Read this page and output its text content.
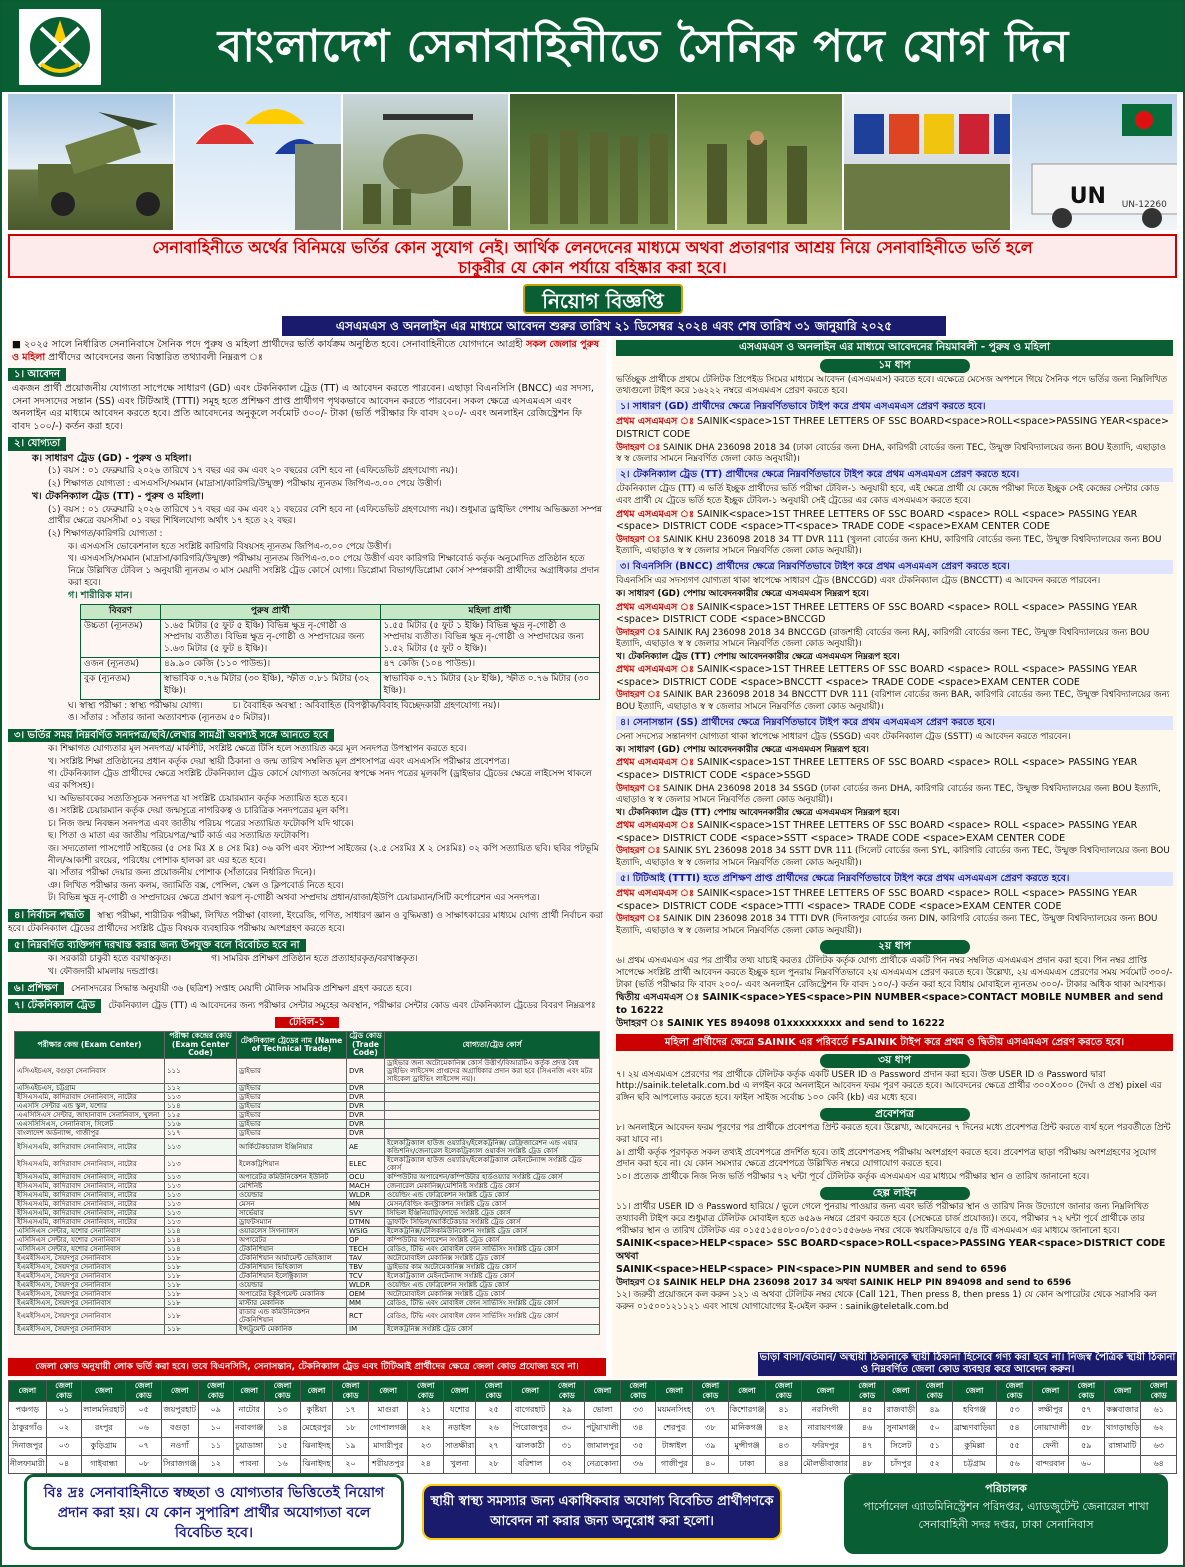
বাংলাদেশ সেনাবাহিনীতে সৈনিক পদে যোগ দিন
UN UN-12260
সেনাবাহিনীতে অর্থের বিনিময়ে ভর্তির কোন সুযোগ নেই। আর্থিক লেনদেনের মাধ্যমে অথবা প্রতারণার আশ্রয় নিয়ে সেনাবাহিনীতে ভর্তি হলে
চাকুরীর যে কোন পর্যায়ে বহিষ্কার করা হবে।
নিয়োগ বিজ্ঞপ্তি
এসএমএস ও অনলাইন এর মাধ্যমে আবেদন শুরুর তারিখ ২১ ডিসেম্বর ২০২৪ এবং শেষ তারিখ ৩১ জানুয়ারি ২০২৫
■ ২০২৫ সালে নির্ধারিত সেনানিবাসে সৈনিক পদে পুরুষ ও মহিলা প্রার্থীদের ভর্তি কার্যক্রম অনুষ্ঠিত হবে। সেনাবাহিনীতে যোগদানে আগ্রহী সকল জেলার পুরুষ ও মহিলা প্রার্থীদের আবেদনের জন্য বিস্তারিত তথ্যাবলী নিম্নরূপ ঃ
১। আবেদন
একজন প্রার্থী প্রয়োজনীয় যোগ্যতা সাপেক্ষে সাধারণ (GD) এবং টেকনিক্যাল ট্রেড (TT) এ আবেদন করতে পারবেন। এছাড়া বিএনসিসি (BNCC) এর সদস্য, সেনা সদস্যদের সন্তান (SS) এবং টিটিআই (TTTI) সমূহ হতে প্রশিক্ষণ প্রাপ্ত প্রার্থীগণ পৃথকভাবে আবেদন করতে পারবেন। সকল ক্ষেত্রে এসএমএস এবং অনলাইন এর মাধ্যমে আবেদন করতে হবে। প্রতি আবেদনের অনুকূলে সর্বমোট ৩০০/- টাকা (ভর্তি পরীক্ষার ফি বাবদ ২০০/- এবং অনলাইন রেজিস্ট্রেশন ফি বাবদ ১০০/-) কর্তন করা হবে।
২। যোগ্যতা
ক। সাধারণ ট্রেড (GD) - পুরুষ ও মহিলা।
(১) বয়স : ০১ ফেব্রুয়ারি ২০২৬ তারিখে ১৭ বছর এর কম এবং ২০ বছরের বেশি হবে না (এফিডেভিট গ্রহণযোগ্য নয়)।
(২) শিক্ষাগত যোগ্যতা : এসএসসি/সমমান (মাদ্রাসা/কারিগরি/উন্মুক্ত) পরীক্ষায় ন্যূনতম জিপিএ-৩.০০ পেয়ে উত্তীর্ণ।
খ। টেকনিক্যাল ট্রেড (TT) - পুরুষ ও মহিলা।
(১) বয়স : ০১ ফেব্রুয়ারি ২০২৬ তারিখে ১৭ বছর এর কম এবং ২১ বছরের বেশি হবে না (এফিডেভিট গ্রহণযোগ্য নয়)। শুধুমাত্র ড্রাইভিং পেশায় অভিজ্ঞতা সম্পন্ন প্রার্থীর ক্ষেত্রে বয়সসীমা ০১ বছর শিথিলযোগ্য অর্থাৎ ১৭ হতে ২২ বছর।
(২) শিক্ষাগত/কারিগরি যোগ্যতা :
ক। এসএসসি ভোকেশনাল হতে সংশ্লিষ্ট কারিগরি বিষয়সহ ন্যূনতম জিপিএ-৩.০০ পেয়ে উত্তীর্ণ।
খ। এসএসসি/সমমান (মাদ্রাসা/কারিগরি/উন্মুক্ত) পরীক্ষায় ন্যূনতম জিপিএ-৩.০০ পেয়ে উত্তীর্ণ এবং কারিগরি শিক্ষাবোর্ড কর্তৃক অনুমোদিত প্রতিষ্ঠান হতে নিম্নে উল্লিখিত টেবিল ১ অনুযায়ী ন্যূনতম ৩ মাস মেয়াদী সংশ্লিষ্ট ট্রেড কোর্সে যোগ্য। ডিপ্লোমা বিভাগ/ডিপ্লোমা কোর্স সম্পন্নকারী প্রার্থীদের অগ্রাধিকার প্রদান করা হবে।
গ। শারীরিক মান।
বিবরণ	পুরুষ প্রার্থী	মহিলা প্রার্থী
উচ্চতা (ন্যূনতম)	১.৬৫ মিটার (৫ ফুট ৫ ইঞ্চি) বিভিন্ন ক্ষুদ্র নৃ-গোষ্ঠী ও সম্প্রদায় ব্যতীত। বিভিন্ন ক্ষুদ্র নৃ-গোষ্ঠী ও সম্প্রদায়ের জন্য ১.৬৩ মিটার (৫ ফুট ৪ ইঞ্চি)।	১.৫৫ মিটার (৫ ফুট ১ ইঞ্চি) বিভিন্ন ক্ষুদ্র নৃ-গোষ্ঠী ও সম্প্রদায় ব্যতীত। বিভিন্ন ক্ষুদ্র নৃ-গোষ্ঠী ও সম্প্রদায়ের জন্য ১.৫২ মিটার (৫ ফুট ০ ইঞ্চি)।
ওজন (ন্যূনতম)	৪৯.৯০ কেজি (১১০ পাউন্ড)।	৪৭ কেজি (১০৪ পাউন্ড)।
বুক (ন্যূনতম)	স্বাভাবিক ০.৭৬ মিটার (৩০ ইঞ্চি), স্ফীত ০.৮১ মিটার (৩২ ইঞ্চি)।	স্বাভাবিক ০.৭১ মিটার (২৮ ইঞ্চি), স্ফীত ০.৭৬ মিটার (৩০ ইঞ্চি)।
ঘ। স্বাস্থ্য পরীক্ষা : স্বাস্থ্য পরীক্ষায় যোগ্য।	চ। বৈবাহিক অবস্থা : অবিবাহিত (বিপত্নীক/বিবাহ বিচ্ছেদকারী গ্রহণযোগ্য নয়)।
ঙ। সাঁতার : সাঁতার জানা অত্যাবশ্যক (ন্যূনতম ৫০ মিটার)।
৩। ভর্তির সময় নিম্নবর্ণিত সনদপত্র/ছবি/লেখার সামগ্রী অবশ্যই সঙ্গে আনতে হবে
ক। শিক্ষাগত যোগ্যতার মূল সনদপত্র/ মার্কশীট, সংশ্লিষ্ট ক্ষেত্রে টিসি হলে সত্যায়িত করে মূল সনদপত্র উপস্থাপন করতে হবে।
খ। সংশ্লিষ্ট শিক্ষা প্রতিষ্ঠানের প্রধান কর্তৃক দেয়া স্থায়ী ঠিকানা ও জন্ম তারিখ সম্বলিত মূল প্রশংসাপত্র এবং এসএসসি পরীক্ষার প্রবেশপত্র।
গ। টেকনিক্যাল ট্রেড প্রার্থীদের ক্ষেত্রে সংশ্লিষ্ট টেকনিক্যাল ট্রেড কোর্সে যোগ্যতা অর্জনের স্বপক্ষে সনদ পত্রের মূলকপি (ড্রাইভার ট্রেডের ক্ষেত্রে লাইসেন্স থাকলে এর কপিসহ)।
ঘ। অভিভাবকের সত্যতিসূচক সনদপত্র যা সংশ্লিষ্ট চেয়ারম্যান কর্তৃক সত্যায়িত হতে হবে।
ঙ। সংশ্লিষ্ট চেয়ারম্যান কর্তৃক দেয়া জন্মসূত্রে নাগরিকত্ব ও চারিত্রিক সনদপত্রের মূল কপি।
চ। নিজ জন্ম নিবন্ধন সনদপত্র এবং জাতীয় পরিচয় পত্রের সত্যায়িত ফটোকপি যদি থাকে।
ছ। পিতা ও মাতা এর জাতীয় পরিচয়পত্র/স্মার্ট কার্ড এর সত্যায়িত ফটোকপি।
জ। সদ্যতোলা পাসপোর্ট সাইজের (৫ সেঃ মিঃ X ৪ সেঃ মিঃ) ০৬ কপি এবং স্ট্যাম্প সাইজের (২.৫ সেঃমিঃ X ২ সেঃমিঃ) ০২ কপি সত্যায়িত ছবি। ছবির পটভূমি নীল/আকাশী রংয়ের, পরিধেয় পোশাক হালকা রং এর হতে হবে।
ঝ। সাঁতার পরীক্ষা দেয়ার জন্য প্রয়োজনীয় পোশাক (সাঁতারের নির্ধারিত দিনে)।
ঞ। লিখিত পরীক্ষার জন্য কলম, জ্যামিতি বক্স, পেন্সিল, স্কেল ও ক্লিপবোর্ড নিতে হবে।
ট। বিভিন্ন ক্ষুদ্র নৃ-গোষ্ঠী ও সম্প্রদায়ের ক্ষেত্রে প্রমাণ স্বরূপ নৃ-গোষ্ঠী অথবা সম্প্রদায় প্রধান/রাজা/ইউপি চেয়ারম্যান/সিটি কর্পোরেশন এর সনদপত্র।
৪। নির্বাচন পদ্ধতি স্বাস্থ্য পরীক্ষা, শারীরিক পরীক্ষা, লিখিত পরীক্ষা (বাংলা, ইংরেজি, গণিত, সাধারণ জ্ঞান ও বুদ্ধিমত্তা) ও সাক্ষাৎকারের মাধ্যমে যোগ্য প্রার্থী নির্বাচন করা হবে। টেকনিক্যাল ট্রেডের প্রার্থীদের সংশ্লিষ্ট ট্রেড বিষয়ক ব্যবহারিক পরীক্ষায় অংশগ্রহণ করতে হবে।
৫। নিম্নবর্ণিত ব্যক্তিগণ দরখাস্ত করার জন্য উপযুক্ত বলে বিবেচিত হবে না
ক। সরকারী চাকুরী হতে বরখাস্তকৃত।	গ। সামরিক প্রশিক্ষণ প্রতিষ্ঠান হতে প্রত্যাহারকৃত/বরখাস্তকৃত।
খ। ফৌজদারী মামলায় দন্ডপ্রাপ্ত।
৬। প্রশিক্ষণ সেনাসদরের সিদ্ধান্ত অনুযায়ী ৩৬ (ছত্রিশ) সপ্তাহ মেয়াদী মৌলিক সামরিক প্রশিক্ষণ গ্রহণ করতে হবে।
৭। টেকনিক্যাল ট্রেড টেকনিক্যাল ট্রেড (TT) এ আবেদনের জন্য পরীক্ষার সেন্টার সমূহের অবস্থান, পরীক্ষার সেন্টার কোড এবং টেকনিক্যাল ট্রেডের বিবরণ নিম্নরূপঃ
টেবিল-১
পরীক্ষার কেন্দ্র (Exam Center)	পরীক্ষা কেন্দ্রের কোড (Exam Center Code)	টেকনিক্যাল ট্রেডের নাম (Name of Technical Trade)	ট্রেড কোড (Trade Code)	যোগ্যতা/ট্রেড কোর্স
এসিএইচএস, বগুড়া সেনানিবাস	১১১	ড্রাইভার	DVR	ড্রাইভার জন্য অটোমেকানিক্স কোর্স উত্তীর্ণ/বিআরটিএ কর্তৃক প্রদত্ত বৈধ ড্রাইভিং লাইসেন্স প্রাপ্তদের অগ্রাধিকার প্রদান করা হবে (সিএনজি এবং মটর সাইকেল ড্রাইভিং লাইসেন্স নয়)।
এসিএইচএস, চট্টগ্রাম	১১২	ড্রাইভার	DVR	
ইসিএসএমি, কাদিরাবাদ সেনানিবাস, নাটোর	১১৩	ড্রাইভার	DVR	
এএসসি সেন্টার এন্ড স্কুল, যশোর	১১৪	ড্রাইভার	DVR	
এএসিসিএস সেন্টার, জাহানাবাদ সেনানিবাস, খুলনা	১১৫	ড্রাইভার	DVR	
এএসসিসিএস, সেনানিবাস, সিলেট	১১৬	ড্রাইভার	DVR	
বাংলাদেশ অর্ডন্যান্স, গাজীপুর	১১৭	ড্রাইভার	DVR	
ইসিএসএমি, কাদিরাবাদ সেনানিবাস, নাটোর	১১৩	আর্কিটেকচারাল ইঞ্জিনিয়ার	AE	ইলেকট্রিক্যাল হাউজ ওয়্যারিং/ইলেকট্রনিক্স/ রেফ্রিজারেশন এন্ড এয়ার কন্ডিশনিং/জেনারেল ইলেকট্রিক্যাল ওয়ার্কস সংশ্লিষ্ট ট্রেড কোর্স
ইসিএসএমি, কাদিরাবাদ সেনানিবাস, নাটোর	১১৩	ইলেকট্রিশিয়ান	ELEC	ইলেকট্রিক্যাল হাউজ ওয়্যারিং/ইলেকট্রিক্যাল মেইনটেন্যান্স সংশ্লিষ্ট ট্রেড কোর্স
ইসিএসএমি, কাদিরাবাদ সেনানিবাস, নাটোর	১১৩	অপারেটর কমিউনিকেশন ইউনিট	OCU	কম্পিউটার অপারেশন/কম্পিউটার হার্ডওয়্যার সংশ্লিষ্ট ট্রেড কোর্স
ইসিএসএমি, কাদিরাবাদ সেনানিবাস, নাটোর	১১৩	মেশিনিষ্ট	MACH	জেনারেল মেকানিক্স/মেশিনিষ্ট সংশ্লিষ্ট ট্রেড কোর্স
ইসিএসএমি, কাদিরাবাদ সেনানিবাস, নাটোর	১১৩	ওয়েল্ডার	WLDR	ওয়েল্ডিং এন্ড ফেব্রিকেশন সংশ্লিষ্ট ট্রেড কোর্স
ইসিএসএমি, কাদিরাবাদ সেনানিবাস, নাটোর	১১৩	মেসন	MN	মেসন/বিল্ডিং কনস্ট্রাকশন সংশ্লিষ্ট ট্রেড কোর্স
ইসিএসএমি, কাদিরাবাদ সেনানিবাস, নাটোর	১১৩	সার্ভেয়ার	SVY	সিভিল ইঞ্জিনিয়ারিং/সার্ভে সংশ্লিষ্ট ট্রেড কোর্স
ইসিএসএমি, কাদিরাবাদ সেনানিবাস, নাটোর	১১৩	ড্রাফটসম্যান	DTMN	ড্রাফটিং সিভিল/আর্কিটেকচার সংশ্লিষ্ট ট্রেড কোর্স
এসিসিএস সেন্টার, যশোর সেনানিবাস	১১৪	ওয়ারলেস সিগন্যালস	WSIG	ইলেকট্রনিক্স/টেলিকমিউনিকেশন সংশ্লিষ্ট ট্রেড কোর্স
এসিসিএস সেন্টার, যশোর সেনানিবাস	১১৪	অপারেটর	OP	কম্পিউটার অপারেশন সংশ্লিষ্ট ট্রেড কোর্স
এসিসিএস সেন্টার, যশোর সেনানিবাস	১১৪	টেকনিশিয়ান	TECH	রেডিও, টিভি এবং মোবাইল ফোন সার্ভিসিং সংশ্লিষ্ট ট্রেড কোর্স
ইএমইসিএস, সৈয়দপুর সেনানিবাস	১১৮	টেকনিশিয়ান আর্মামেন্ট ভেহিক্যাল	TAV	অটোমোবাইল মেকানিক্স সংশ্লিষ্ট ট্রেড কোর্স
ইএমইসিএস, সৈয়দপুর সেনানিবাস	১১৮	টেকনিশিয়ান ভিহিক্যাল	TBV	ড্রাইভার কাম অটোমেকানিক্স সংশ্লিষ্ট ট্রেড কোর্স
ইএমইসিএস, সৈয়দপুর সেনানিবাস	১১৮	টেকনিশিয়ান ইলেক্ট্রিক্যাল	TCV	ইলেকট্রিক্যাল মেইনটেন্যান্স সংশ্লিষ্ট ট্রেড কোর্স
ইএমইসিএস, সৈয়দপুর সেনানিবাস	১১৮	ওয়েল্ডার	WLDR	ওয়েল্ডিং এন্ড ফেব্রিকেশন সংশ্লিষ্ট ট্রেড কোর্স
ইএমইসিএস, সৈয়দপুর সেনানিবাস	১১৮	অপারেটর ইকুইপমেন্ট মেকানিক	OEM	অটোমোবাইল মেকানিক্স সংশ্লিষ্ট ট্রেড কোর্স
ইএমইসিএস, সৈয়দপুর সেনানিবাস	১১৮	মাস্টার মেকানিক	MM	রেডিও, টিভি এবং মোবাইল ফোন সার্ভিসিং সংশ্লিষ্ট ট্রেড কোর্স
ইএমইসিএস, সৈয়দপুর সেনানিবাস	১১৮	রাডার এন্ড কমিউনিকেশন টেকনিশিয়ান	RCT	রেডিও, টিভি এবং মোবাইল ফোন সার্ভিসিং সংশ্লিষ্ট ট্রেড কোর্স
ইএমইসিএস, সৈয়দপুর সেনানিবাস	১১৮	ইন্সট্রুমেন্ট মেকানিক	IM	ইলেকট্রনিক্স সংশ্লিষ্ট ট্রেড কোর্স
এসএমএস ও অনলাইন এর মাধ্যমে আবেদনের নিয়মাবলী - পুরুষ ও মহিলা
১ম ধাপ
ভর্তিচ্ছুক প্রার্থীকে প্রথমে টেলিটক প্রিপেইড সিমের মাধ্যমে আবেদন (এসএমএস) করতে হবে। এক্ষেত্রে মেসেজ অপশনে গিয়ে সৈনিক পদে ভর্তির জন্য নিম্নলিখিত তথ্যগুলো টাইপ করে ১৬২২২ নম্বরে এসএমএস প্রেরণ করতে হবে।
১। সাধারণ (GD) প্রার্থীদের ক্ষেত্রে নিম্নবর্ণিতভাবে টাইপ করে প্রথম এসএমএস প্রেরণ করতে হবে।
প্রথম এসএমএস ঃ SAINIK<space>1ST THREE LETTERS OF SSC BOARD<space>ROLL<space>PASSING YEAR<space> DISTRICT CODE
উদাহরণ ঃ SAINIK DHA 236098 2018 34 (ঢাকা বোর্ডের জন্য DHA, কারিগরী বোর্ডের জন্য TEC, উন্মুক্ত বিশ্ববিদ্যালয়ের জন্য BOU ইত্যাদি, এছাড়াও স্ব স্ব জেলার সামনে নিম্নবর্ণিত জেলা কোড অনুযায়ী)।
২। টেকনিক্যাল ট্রেড (TT) প্রার্থীদের ক্ষেত্রে নিম্নবর্ণিতভাবে টাইপ করে প্রথম এসএমএস প্রেরণ করতে হবে।
টেকনিক্যাল ট্রেড (TT) এ ভর্তি ইচ্ছুক প্রার্থীদের ভর্তি পরীক্ষা টেবিল-১ অনুযায়ী হবে, এই ক্ষেত্রে প্রার্থী যে কেন্দ্রে পরীক্ষা দিতে ইচ্ছুক সেই কেন্দ্রের সেন্টার কোড এবং প্রার্থী যে ট্রেডে ভর্তি হতে ইচ্ছুক টেবিল-১ অনুযায়ী সেই ট্রেডের এর কোড এসএমএস করতে হবে।
প্রথম এসএমএস ঃ SAINIK<space>1ST THREE LETTERS OF SSC BOARD <space> ROLL <space> PASSING YEAR <space> DISTRICT CODE <space>TT<space> TRADE CODE <space>EXAM CENTER CODE
উদাহরণ ঃ SAINIK KHU 236098 2018 34 TT DVR 111 (খুলনা বোর্ডের জন্য KHU, কারিগরি বোর্ডের জন্য TEC, উন্মুক্ত বিশ্ববিদ্যালয়ের জন্য BOU ইত্যাদি, এছাড়াও স্ব স্ব জেলার সামনে নিম্নবর্ণিত জেলা কোড অনুযায়ী)।
৩। বিএনসিসি (BNCC) প্রার্থীদের ক্ষেত্রে নিম্নবর্ণিতভাবে টাইপ করে প্রথম এসএমএস প্রেরণ করতে হবে।
বিএনসিসি এর সদস্যগণ যোগ্যতা থাকা স্বাপেক্ষে সাধারণ ট্রেড (BNCCGD) এবং টেকনিক্যাল ট্রেড (BNCCTT) এ আবেদন করতে পারবেন।
ক। সাধারণ (GD) পেশায় আবেদনকারীর ক্ষেত্রে এসএমএস নিম্নরূপ হবে।
প্রথম এসএমএস ঃ SAINIK<space>1ST THREE LETTERS OF SSC BOARD <space> ROLL <space> PASSING YEAR <space> DISTRICT CODE <space>BNCCGD
উদাহরণ ঃ SAINIK RAJ 236098 2018 34 BNCCGD (রাজশাহী বোর্ডের জন্য RAJ, কারিগরী বোর্ডের জন্য TEC, উন্মুক্ত বিশ্ববিদ্যালয়ের জন্য BOU ইত্যাদি, এছাড়াও স্ব স্ব জেলার সামনে নিম্নবর্ণিত জেলা কোড অনুযায়ী)।
খ। টেকনিক্যাল ট্রেড (TT) পেশায় আবেদনকারীর ক্ষেত্রে এসএমএস নিম্নরূপ হবে।
প্রথম এসএমএস ঃ SAINIK<space>1ST THREE LETTERS OF SSC BOARD <space> ROLL <space> PASSING YEAR <space> DISTRICT CODE <space>BNCCTT <space> TRADE CODE <space>EXAM CENTER CODE
উদাহরণ ঃ SAINIK BAR 236098 2018 34 BNCCTT DVR 111 (বরিশাল বোর্ডের জন্য BAR, কারিগরি বোর্ডের জন্য TEC, উন্মুক্ত বিশ্ববিদ্যালয়ের জন্য BOU ইত্যাদি, এছাড়াও স্ব স্ব জেলার সামনে নিম্নবর্ণিত জেলা কোড অনুযায়ী)।
৪। সেনাসন্তান (SS) প্রার্থীদের ক্ষেত্রে নিম্নবর্ণিতভাবে টাইপ করে প্রথম এসএমএস প্রেরণ করতে হবে।
সেনা সদস্যের সন্তানগণ যোগ্যতা থাকা স্বাপেক্ষে সাধারণ ট্রেড (SSGD) এবং টেকনিক্যাল ট্রেড (SSTT) এ আবেদন করতে পারবেন।
ক। সাধারণ (GD) পেশায় আবেদনকারীর ক্ষেত্রে এসএমএস নিম্নরূপ হবে।
প্রথম এসএমএস ঃ SAINIK<space>1ST THREE LETTERS OF SSC BOARD <space> ROLL <space> PASSING YEAR <space> DISTRICT CODE <space>SSGD
উদাহরণ ঃ SAINIK DHA 236098 2018 34 SSGD (ঢাকা বোর্ডের জন্য DHA, কারিগরি বোর্ডের জন্য TEC, উন্মুক্ত বিশ্ববিদ্যালয়ের জন্য BOU ইত্যাদি, এছাড়াও স্ব স্ব জেলার সামনে নিম্নবর্ণিত জেলা কোড অনুযায়ী)।
খ। টেকনিক্যাল ট্রেড (TT) পেশায় আবেদনকারীর ক্ষেত্রে এসএমএস নিম্নরূপ হবে।
প্রথম এসএমএস ঃ SAINIK<space>1ST THREE LETTERS OF SSC BOARD <space> ROLL <space> PASSING YEAR <space> DISTRICT CODE <space>SSTT <space> TRADE CODE <space>EXAM CENTER CODE
উদাহরণ ঃ SAINIK SYL 236098 2018 34 SSTT DVR 111 (সিলেট বোর্ডের জন্য SYL, কারিগরি বোর্ডের জন্য TEC, উন্মুক্ত বিশ্ববিদ্যালয়ের জন্য BOU ইত্যাদি, এছাড়াও স্ব স্ব জেলার সামনে নিম্নবর্ণিত জেলা কোড অনুযায়ী)।
৫। টিটিআই (TTTI) হতে প্রশিক্ষণ প্রাপ্ত প্রার্থীদের ক্ষেত্রে নিম্নবর্ণিতভাবে টাইপ করে প্রথম এসএমএস প্রেরণ করতে হবে।
প্রথম এসএমএস ঃ SAINIK<space>1ST THREE LETTERS OF SSC BOARD <space> ROLL <space> PASSING YEAR <space> DISTRICT CODE <space>TTTI <space> TRADE CODE <space>EXAM CENTER CODE
উদাহরণ ঃ SAINIK DIN 236098 2018 34 TTTI DVR (দিনাজপুর বোর্ডের জন্য DIN, কারিগরি বোর্ডের জন্য TEC, উন্মুক্ত বিশ্ববিদ্যালয়ের জন্য BOU ইত্যাদি, এছাড়াও স্ব স্ব জেলার সামনে নিম্নবর্ণিত জেলা কোড অনুযায়ী)।
২য় ধাপ
৬। প্রথম এসএমএস এর পর প্রার্থীর তথ্য যাচাই করতঃ টেলিটক কর্তৃক যোগ্য প্রার্থীকে একটি পিন নম্বর সম্বলিত এসএমএস প্রদান করা হবে। পিন নম্বর প্রাপ্তি সাপেক্ষে সংশ্লিষ্ট প্রার্থী আবেদন করতে ইচ্ছুক হলে পুনরায় নিম্নবর্ণিতভাবে ২য় এসএমএস প্রেরণ করতে হবে। উল্লেখ্য, ২য় এসএমএস প্রেরণের সময় সর্বমোট ৩০০/- টাকা (ভর্তি পরীক্ষার ফি বাবদ ২০০/- এবং অনলাইন রেজিস্ট্রেশন ফি বাবদ ১০০/-) কর্তন করা হবে বিধায় মোবাইলে ন্যূনতম ৩০০/- টাকার অধিক থাকা আবশ্যক।
দ্বিতীয় এসএমএস ঃ SAINIK<space>YES<space>PIN NUMBER<space>CONTACT MOBILE NUMBER and send to 16222
উদাহরণ ঃ SAINIK YES 894098 01xxxxxxxxx and send to 16222
মহিলা প্রার্থীদের ক্ষেত্রে SAINIK এর পরিবর্তে FSAINIK টাইপ করে প্রথম ও দ্বিতীয় এসএমএস প্রেরণ করতে হবে।
৩য় ধাপ
৭। ২য় এসএমএস প্রেরণের পর প্রার্থীকে টেলিটক কর্তৃক একটি USER ID ও Password প্রদান করা হবে। উক্ত USER ID ও Password দ্বারা http://sainik.teletalk.com.bd এ লগইন করে অনলাইনে আবেদন ফরম পূরণ করতে হবে। আবেদনের ক্ষেত্রে প্রার্থীর ৩০০X৩০০ (দৈর্ঘ্য ও প্রস্থ) pixel এর রঙ্গিন ছবি আপলোড করতে হবে। ফাইল সাইজ সর্বোচ্চ ১০০ কেবি (kb) এর মধ্যে হবে।
প্রবেশপত্র
৮। অনলাইনে আবেদন ফরম পূরণের পর প্রার্থীকে প্রবেশপত্র প্রিন্ট করতে হবে। উল্লেখ্য, আবেদনের ৭ দিনের মধ্যে প্রবেশপত্র প্রিন্ট করতে ব্যর্থ হলে পরবর্তীতে প্রিন্ট করা যাবে না।
৯। প্রার্থী কর্তৃক পূরণকৃত সকল তথ্যই প্রবেশপত্রে প্রদর্শিত হবে। তাই প্রবেশপত্রসহ পরীক্ষায় অংশগ্রহণ করতে হবে। প্রবেশপত্র ছাড়া পরীক্ষায় অংশগ্রহণের সুযোগ প্রদান করা হবে না। যে কোন সমস্যার ক্ষেত্রে প্রবেশপত্রে উল্লিখিত নম্বরে যোগাযোগ করতে হবে।
১০। প্রত্যেক প্রার্থীকে নিজ নিজ ভর্তি পরীক্ষার ৭২ ঘন্টা পূর্বে টেলিটক কর্তৃক এসএমএস এর মাধ্যমে পরীক্ষার স্থান ও তারিখ জানানো হবে।
হেল্প লাইন
১১। প্রার্থীর USER ID ও Password হারিয়ে / ভুলে গেলে পুনরায় পাওয়ার জন্য এবং ভর্তি পরীক্ষার স্থান ও তারিখ নিজ উদ্যোগে জানার জন্য নিম্নলিখিত তথ্যাবলী টাইপ করে শুধুমাত্র টেলিটক মোবাইল হতে ৬৫৯৬ নম্বরে প্রেরণ করতে হবে (সেক্ষেত্রে চার্জ প্রযোজ্য)। তবে, পরীক্ষার ৭২ ঘন্টা পূর্বে প্রার্থীকে তার পরীক্ষার স্থান ও তারিখ টেলিটক এর ০১৫৫১৫৪০৮০০/০১৫৫০১৫৫৬৬৬ নম্বর থেকে স্বয়ংক্রিয়ভাবে ৫/৪ টি এসএমএস এর মাধ্যমে জানানো হবে।
SAINIK<space>HELP<space> SSC BOARD<space>ROLL<space>PASSING YEAR<space>DISTRICT CODE অথবা
SAINIK<space>HELP<space> PIN<space>PIN NUMBER and send to 6596
উদাহরণ ঃ SAINIK HELP DHA 236098 2017 34 অথবা SAINIK HELP PIN 894098 and send to 6596
১২। জরুরী প্রয়োজনে কল করুন ১২১ এ অথবা টেলিটক নম্বর থেকে (Call 121, Then press 8, then press 1) যে কোন অপারেটর থেকে সরাসরি কল করুন ০১৫০০১২১১২১ এবং সাথে যোগাযোগের ই-মেইল করুন : sainik@teletalk.com.bd
জেলা কোড অনুযায়ী লোক ভর্তি করা হবে। তবে বিএনসিসি, সেনাসন্তান, টেকনিক্যাল ট্রেড এবং টিটিআই প্রার্থীদের ক্ষেত্রে জেলা কোড প্রযোজ্য হবে না।
ভাড়া বাসা/বর্তমান/ অস্থায়ী ঠিকানাকে স্থায়ী ঠিকানা হিসেবে গণ্য করা হবে না। নিজস্ব পৈত্রিক স্থায়ী ঠিকানা ও নিম্নবর্ণিত জেলা কোড ব্যবহার করে আবেদন করুন।
জেলা	জেলা কোড	জেলা	জেলা কোড	জেলা	জেলা কোড	জেলা	জেলা কোড	জেলা	জেলা কোড	জেলা	জেলা কোড	জেলা	জেলা কোড	জেলা	জেলা কোড	জেলা	জেলা কোড	জেলা	জেলা কোড	জেলা	জেলা কোড	জেলা	জেলা কোড	জেলা	জেলা কোড	জেলা	জেলা কোড	জেলা	জেলা কোড	জেলা	জেলা কোড
পঞ্চগড়	০১	লালমনিরহাট	০৫	জয়পুরহাট	০৯	নাটোর	১৩	কুষ্টিয়া	১৭	মাগুরা	২১	যশোর	২৫	বাগেরহাট	২৯	ভোলা	৩৩	ময়মনসিংহ	৩৭	কিশোরগঞ্জ	৪১	নরসিংদী	৪৫	রাজবাড়ী	৪৯	হবিগঞ্জ	৫৩	লক্ষীপুর	৫৭	কক্সবাজার	৬১
ঠাকুরগাঁও	০২	রংপুর	০৬	বগুড়া	১০	নবাবগঞ্জ	১৪	মেহেরপুর	১৮	গোপালগঞ্জ	২২	নড়াইল	২৬	পিরোজপুর	৩০	পটুয়াখালী	৩৪	শেরপুর	৩৮	মানিকগঞ্জ	৪২	নারায়ণগঞ্জ	৪৬	সুনামগঞ্জ	৫০	ব্রাহ্মণবাড়িয়া	৫৪	নোয়াখালী	৫৮	খাগড়াছড়ি	৬২
দিনাজপুর	০৩	কুড়িগ্রাম	০৭	নওগাঁ	১১	চুয়াডাঙ্গা	১৫	ঝিনাইদহ	১৯	মাদারীপুর	২৩	সাতক্ষীরা	২৭	ঝালকাঠী	৩১	জামালপুর	৩৫	টাঙ্গাইল	৩৯	মুন্সীগঞ্জ	৪৩	ফরিদপুর	৪৭	সিলেট	৫১	কুমিল্লা	৫৫	ফেনী	৫৯	রাঙ্গামাটি	৬৩
নীলফামারী	০৪	গাইবান্ধা	০৮	সিরাজগঞ্জ	১২	পাবনা	১৬	ঝিনাইদহ	২০	শরীয়তপুর	২৪	খুলনা	২৮	বরিশাল	৩২	নেত্রকোনা	৩৬	গাজীপুর	৪০	ঢাকা	৪৪	মৌলভীবাজার	৪৮	চাঁদপুর	৫২	চট্টগ্রাম	৫৬	বান্দরবান	৬০		৬৪
বিঃ দ্রঃ সেনাবাহিনীতে স্বচ্ছতা ও যোগ্যতার ভিত্তিতেই নিয়োগ প্রদান করা হয়। যে কোন সুপারিশ প্রার্থীর অযোগ্যতা বলে বিবেচিত হবে।
স্থায়ী স্বাস্থ্য সমস্যার জন্য একাধিকবার অযোগ্য বিবেচিত প্রার্থীগণকে আবেদন না করার জন্য অনুরোধ করা হলো।
পরিচালক
পার্সোনেল এ্যাডমিনিস্ট্রেশন পরিদপ্তর, এ্যাডজুটেন্ট জেনারেল শাখা
সেনাবাহিনী সদর দপ্তর, ঢাকা সেনানিবাস
